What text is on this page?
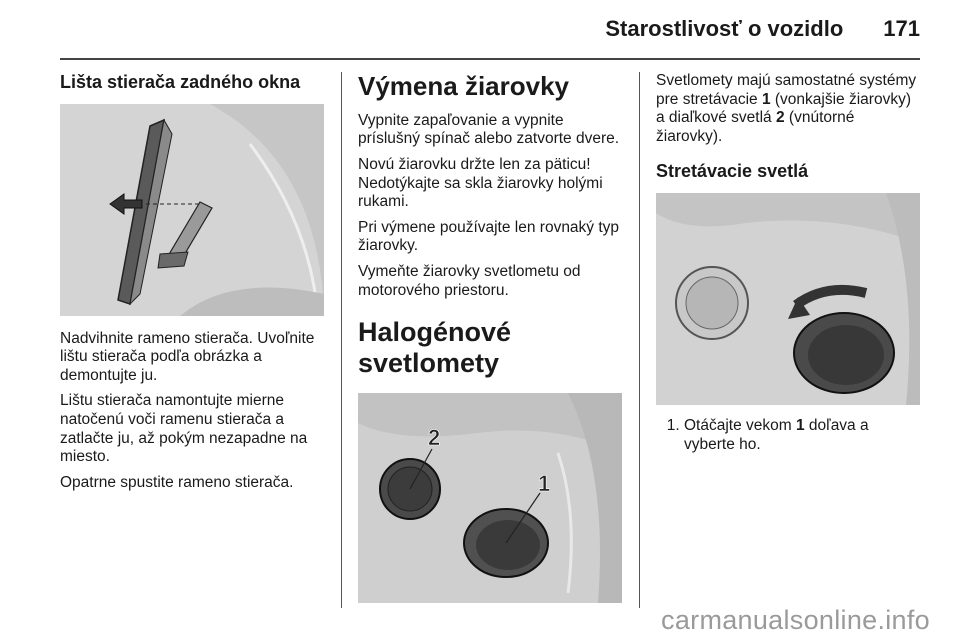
Starostlivosť o vozidlo 171
Lišta stierača zadného okna

Nadvihnite rameno stierača. Uvoľnite lištu stierača podľa obrázka a demontujte ju.

Lištu stierača namontujte mierne natočenú voči ramenu stierača a zatlačte ju, až pokým nezapadne na miesto.

Opatrne spustite rameno stierača.

Výmena žiarovky

Vypnite zapaľovanie a vypnite príslušný spínač alebo zatvorte dvere.

Novú žiarovku držte len za päticu! Nedotýkajte sa skla žiarovky holými rukami.

Pri výmene používajte len rovnaký typ žiarovky.

Vymeňte žiarovky svetlometu od motorového priestoru.

Halogénové svetlomety
2
1

Svetlomety majú samostatné systémy pre stretávacie 1 (vonkajšie žiarovky) a diaľkové svetlá 2 (vnútorné žiarovky).

Stretávacie svetlá
1. Otáčajte vekom 1 doľava a vyberte ho.
carmanualsonline.info
